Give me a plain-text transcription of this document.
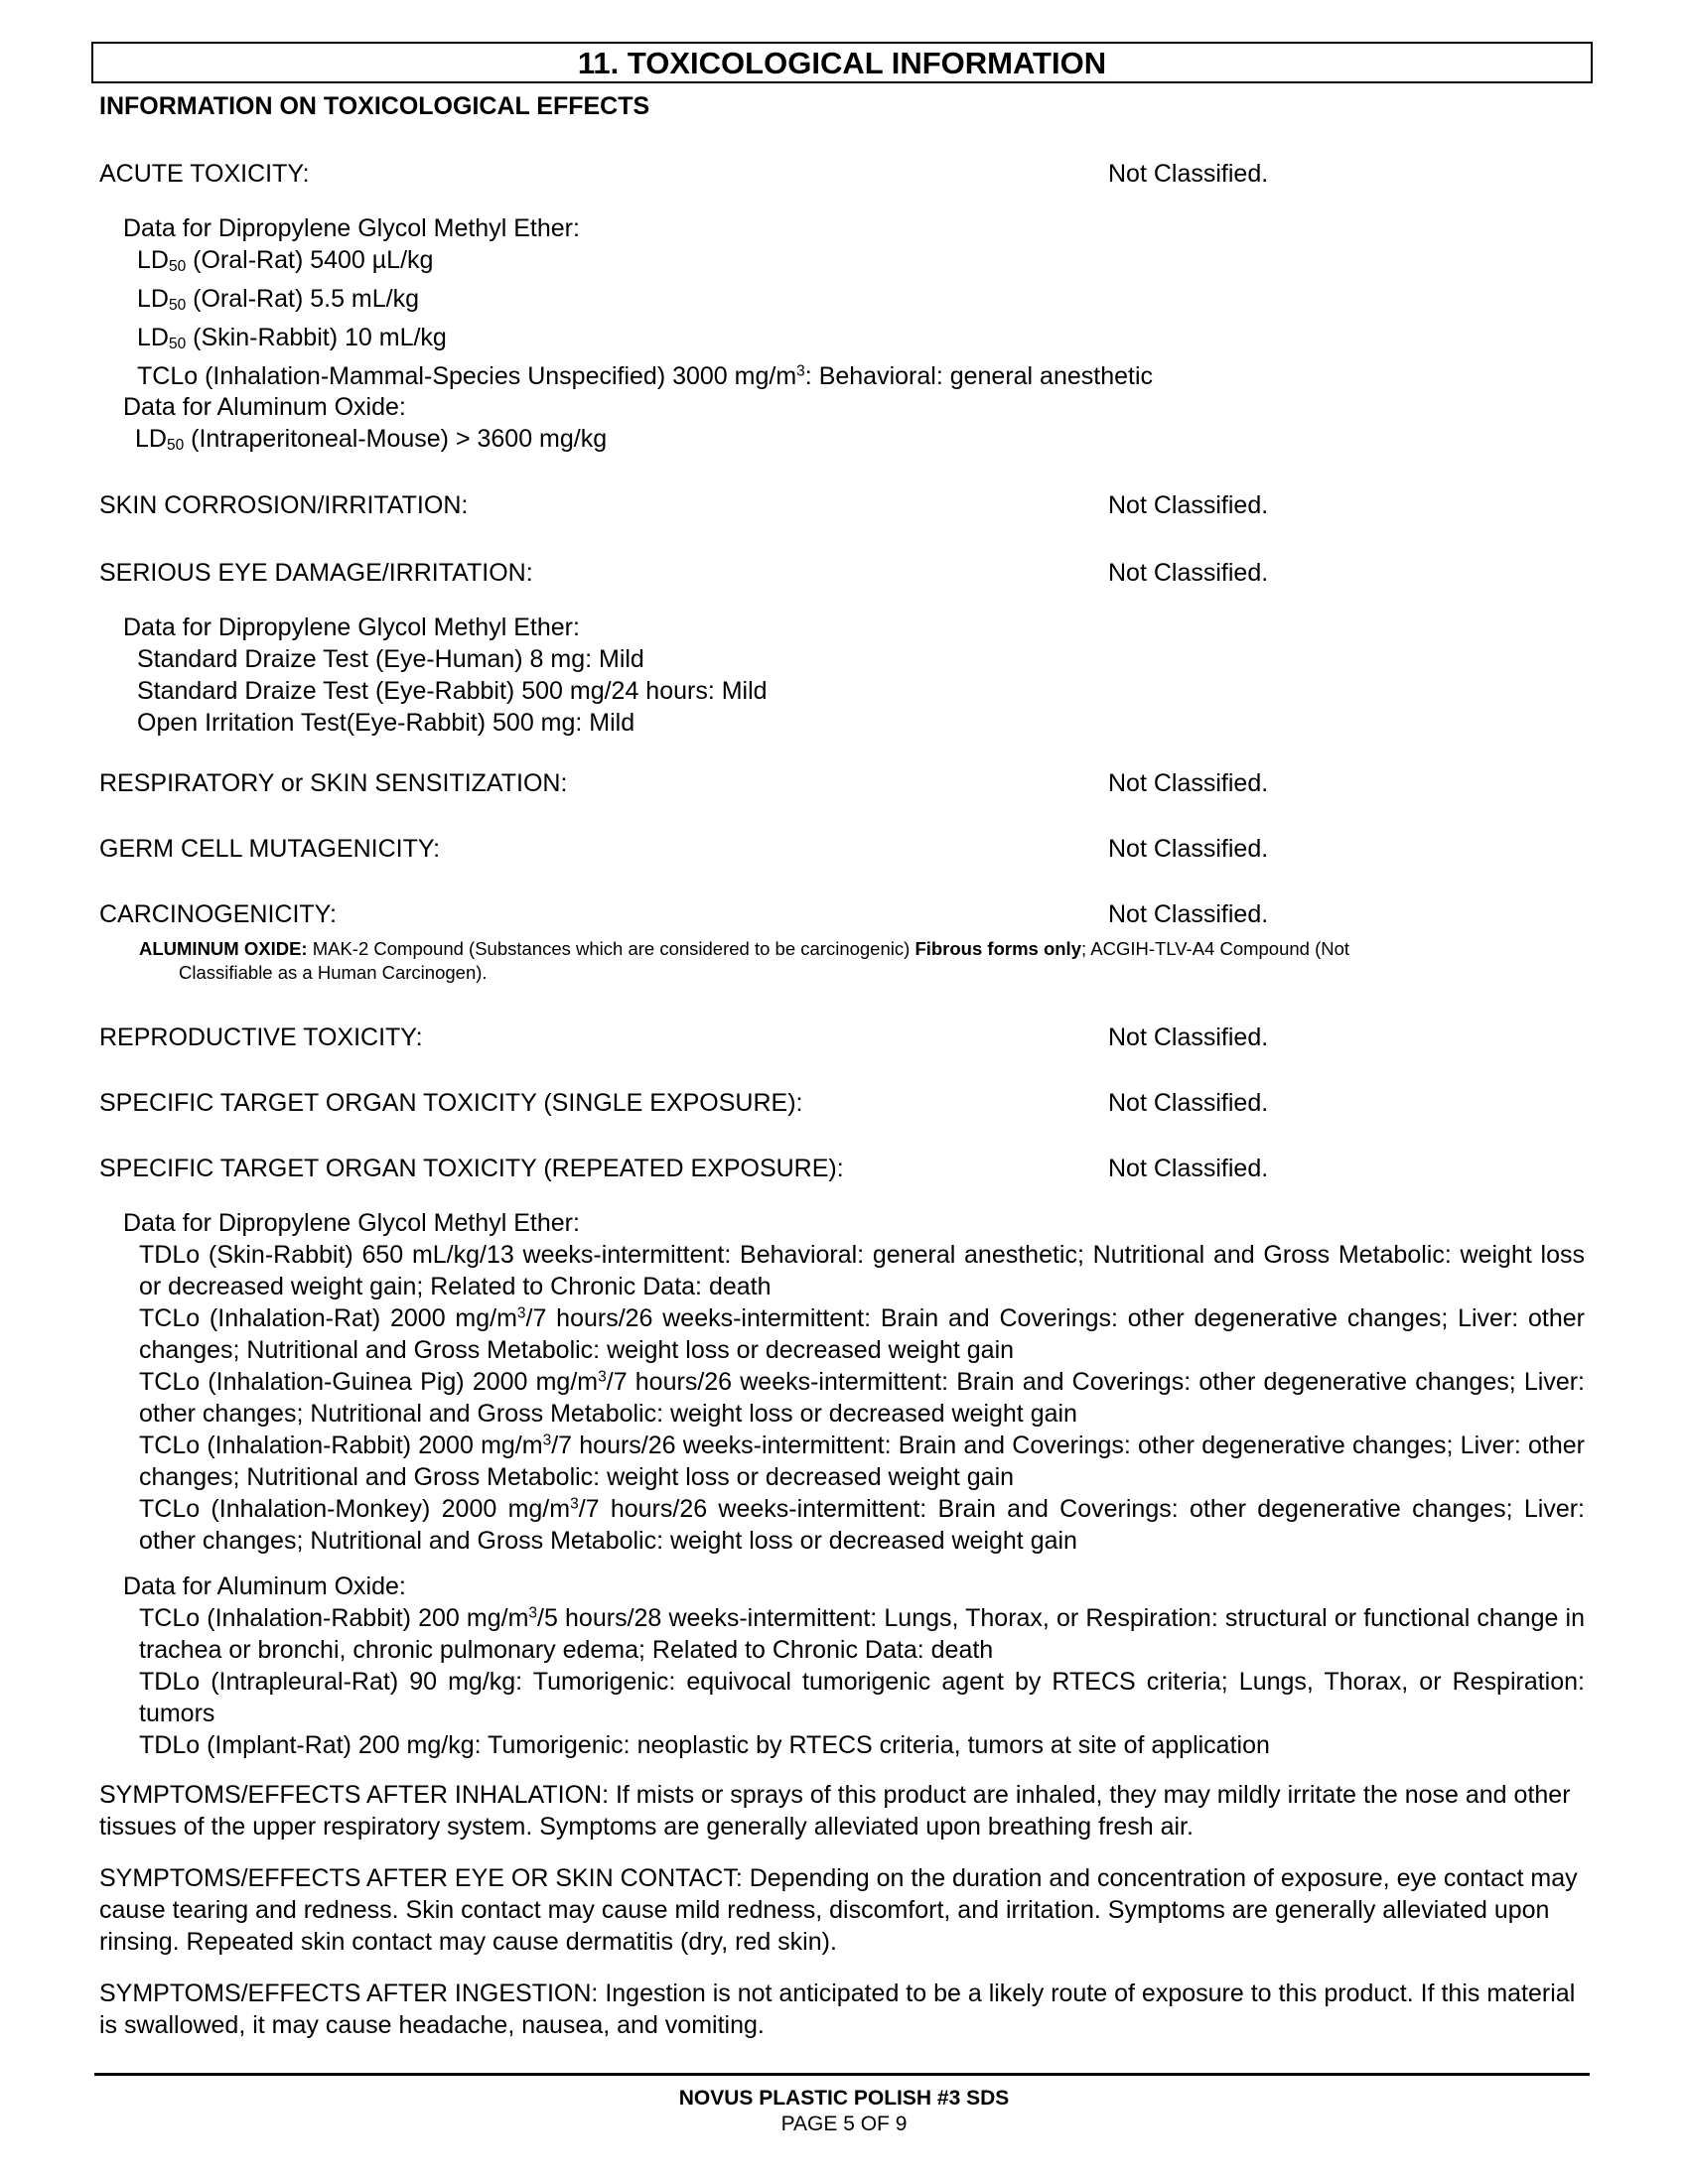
11. TOXICOLOGICAL INFORMATION
INFORMATION ON TOXICOLOGICAL EFFECTS
ACUTE TOXICITY:	Not Classified.
Data for Dipropylene Glycol Methyl Ether:
$LD_{50}$ (Oral-Rat) 5400 µL/kg
$LD_{50}$ (Oral-Rat) 5.5 mL/kg
$LD_{50}$ (Skin-Rabbit) 10 mL/kg
TCLo (Inhalation-Mammal-Species Unspecified) 3000 $mg/m^3$: Behavioral: general anesthetic
Data for Aluminum Oxide:
$LD_{50}$ (Intraperitoneal-Mouse) > 3600 mg/kg
SKIN CORROSION/IRRITATION:	Not Classified.
SERIOUS EYE DAMAGE/IRRITATION:	Not Classified.
Data for Dipropylene Glycol Methyl Ether:
Standard Draize Test (Eye-Human) 8 mg: Mild
Standard Draize Test (Eye-Rabbit) 500 mg/24 hours: Mild
Open Irritation Test(Eye-Rabbit) 500 mg: Mild
RESPIRATORY or SKIN SENSITIZATION:	Not Classified.
GERM CELL MUTAGENICITY:	Not Classified.
CARCINOGENICITY:	Not Classified.
ALUMINUM OXIDE: MAK-2 Compound (Substances which are considered to be carcinogenic) Fibrous forms only; ACGIH-TLV-A4 Compound (Not
Classifiable as a Human Carcinogen).
REPRODUCTIVE TOXICITY:	Not Classified.
SPECIFIC TARGET ORGAN TOXICITY (SINGLE EXPOSURE):	Not Classified.
SPECIFIC TARGET ORGAN TOXICITY (REPEATED EXPOSURE):	Not Classified.
Data for Dipropylene Glycol Methyl Ether:
TDLo (Skin-Rabbit) 650 mL/kg/13 weeks-intermittent: Behavioral: general anesthetic; Nutritional and Gross Metabolic: weight loss or decreased weight gain; Related to Chronic Data: death
TCLo (Inhalation-Rat) 2000 $mg/m^3/7$ hours/26 weeks-intermittent: Brain and Coverings: other degenerative changes; Liver: other changes; Nutritional and Gross Metabolic: weight loss or decreased weight gain
TCLo (Inhalation-Guinea Pig) 2000 $mg/m^3/7$ hours/26 weeks-intermittent: Brain and Coverings: other degenerative changes; Liver: other changes; Nutritional and Gross Metabolic: weight loss or decreased weight gain
TCLo (Inhalation-Rabbit) 2000 $mg/m^3/7$ hours/26 weeks-intermittent: Brain and Coverings: other degenerative changes; Liver: other changes; Nutritional and Gross Metabolic: weight loss or decreased weight gain
TCLo (Inhalation-Monkey) 2000 $mg/m^3/7$ hours/26 weeks-intermittent: Brain and Coverings: other degenerative changes; Liver: other changes; Nutritional and Gross Metabolic: weight loss or decreased weight gain
Data for Aluminum Oxide:
TCLo (Inhalation-Rabbit) 200 $mg/m^3/5$ hours/28 weeks-intermittent: Lungs, Thorax, or Respiration: structural or functional change in trachea or bronchi, chronic pulmonary edema; Related to Chronic Data: death
TDLo (Intrapleural-Rat) 90 mg/kg: Tumorigenic: equivocal tumorigenic agent by RTECS criteria; Lungs, Thorax, or Respiration: tumors
TDLo (Implant-Rat) 200 mg/kg: Tumorigenic: neoplastic by RTECS criteria, tumors at site of application
SYMPTOMS/EFFECTS AFTER INHALATION: If mists or sprays of this product are inhaled, they may mildly irritate the nose and other tissues of the upper respiratory system. Symptoms are generally alleviated upon breathing fresh air.
SYMPTOMS/EFFECTS AFTER EYE OR SKIN CONTACT: Depending on the duration and concentration of exposure, eye contact may cause tearing and redness. Skin contact may cause mild redness, discomfort, and irritation. Symptoms are generally alleviated upon rinsing. Repeated skin contact may cause dermatitis (dry, red skin).
SYMPTOMS/EFFECTS AFTER INGESTION: Ingestion is not anticipated to be a likely route of exposure to this product. If this material is swallowed, it may cause headache, nausea, and vomiting.
NOVUS PLASTIC POLISH #3 SDS
PAGE 5 OF 9
